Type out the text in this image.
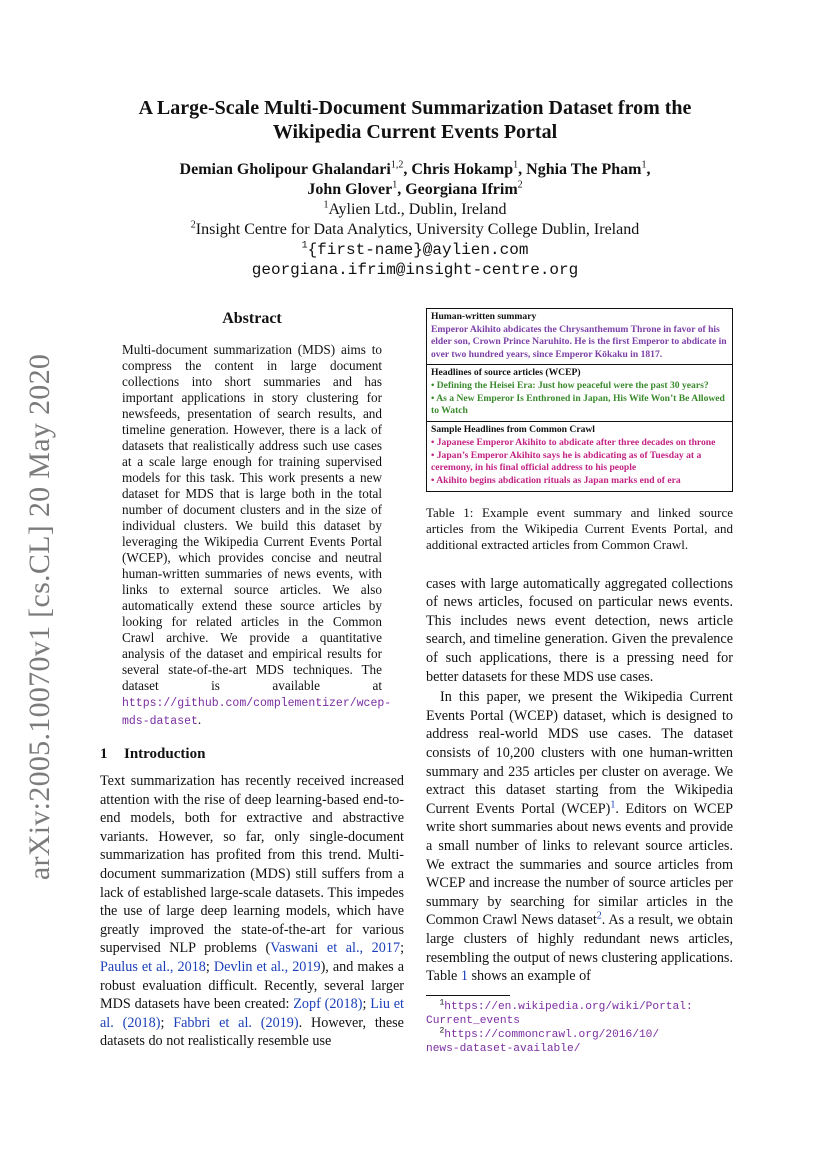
arXiv:2005.10070v1 [cs.CL] 20 May 2020
A Large-Scale Multi-Document Summarization Dataset from the
Wikipedia Current Events Portal
Demian Gholipour Ghalandari$^{1,2}$, Chris Hokamp$^1$, Nghia The Pham$^1$,
John Glover$^1$, Georgiana Ifrim$^2$
$^1$Aylien Ltd., Dublin, Ireland
$^2$Insight Centre for Data Analytics, University College Dublin, Ireland
$^1${first-name}@aylien.com
georgiana.ifrim@insight-centre.org
Abstract

Multi-document summarization (MDS) aims to compress the content in large document collections into short summaries and has important applications in story clustering for newsfeeds, presentation of search results, and timeline generation. However, there is a lack of datasets that realistically address such use cases at a scale large enough for training supervised models for this task. This work presents a new dataset for MDS that is large both in the total number of document clusters and in the size of individual clusters. We build this dataset by leveraging the Wikipedia Current Events Portal (WCEP), which provides concise and neutral human-written summaries of news events, with links to external source articles. We also automatically extend these source articles by looking for related articles in the Common Crawl archive. We provide a quantitative analysis of the dataset and empirical results for several state-of-the-art MDS techniques. The dataset is available at https://github.com/complementizer/wcep-mds-dataset.

1 Introduction

Text summarization has recently received increased attention with the rise of deep learning-based end-to-end models, both for extractive and abstractive variants. However, so far, only single-document summarization has profited from this trend. Multi-document summarization (MDS) still suffers from a lack of established large-scale datasets. This impedes the use of large deep learning models, which have greatly improved the state-of-the-art for various supervised NLP problems (Vaswani et al., 2017; Paulus et al., 2018; Devlin et al., 2019), and makes a robust evaluation difficult. Recently, several larger MDS datasets have been created: Zopf (2018); Liu et al. (2018); Fabbri et al. (2019). However, these datasets do not realistically resemble use

Human-written summary
Emperor Akihito abdicates the Chrysanthemum Throne in favor of his elder son, Crown Prince Naruhito. He is the first Emperor to abdicate in over two hundred years, since Emperor Kōkaku in 1817.
Headlines of source articles (WCEP)
• Defining the Heisei Era: Just how peaceful were the past 30 years?
• As a New Emperor Is Enthroned in Japan, His Wife Won’t Be Allowed to Watch
Sample Headlines from Common Crawl
• Japanese Emperor Akihito to abdicate after three decades on throne
• Japan’s Emperor Akihito says he is abdicating as of Tuesday at a ceremony, in his final official address to his people
• Akihito begins abdication rituals as Japan marks end of era
Table 1: Example event summary and linked source articles from the Wikipedia Current Events Portal, and additional extracted articles from Common Crawl.

cases with large automatically aggregated collections of news articles, focused on particular news events. This includes news event detection, news article search, and timeline generation. Given the prevalence of such applications, there is a pressing need for better datasets for these MDS use cases.

In this paper, we present the Wikipedia Current Events Portal (WCEP) dataset, which is designed to address real-world MDS use cases. The dataset consists of 10,200 clusters with one human-written summary and 235 articles per cluster on average. We extract this dataset starting from the Wikipedia Current Events Portal (WCEP)$^1$. Editors on WCEP write short summaries about news events and provide a small number of links to relevant source articles. We extract the summaries and source articles from WCEP and increase the number of source articles per summary by searching for similar articles in the Common Crawl News dataset$^2$. As a result, we obtain large clusters of highly redundant news articles, resembling the output of news clustering applications. Table 1 shows an example of

$^1$https://en.wikipedia.org/wiki/Portal:
Current_events
$^2$https://commoncrawl.org/2016/10/
news-dataset-available/
